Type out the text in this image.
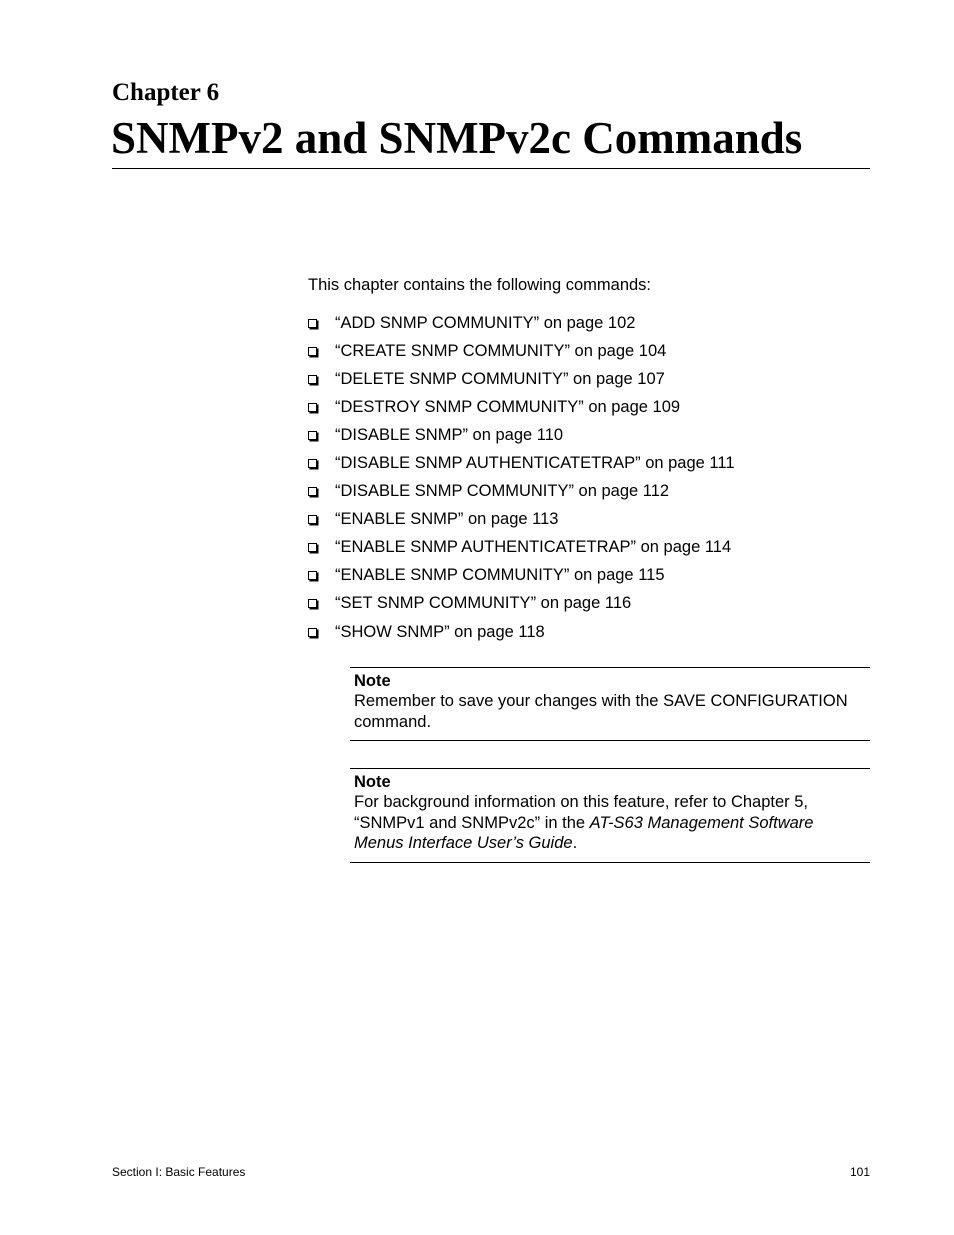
Chapter 6
SNMPv2 and SNMPv2c Commands
This chapter contains the following commands:
“ADD SNMP COMMUNITY” on page 102
“CREATE SNMP COMMUNITY” on page 104
“DELETE SNMP COMMUNITY” on page 107
“DESTROY SNMP COMMUNITY” on page 109
“DISABLE SNMP” on page 110
“DISABLE SNMP AUTHENTICATETRAP” on page 111
“DISABLE SNMP COMMUNITY” on page 112
“ENABLE SNMP” on page 113
“ENABLE SNMP AUTHENTICATETRAP” on page 114
“ENABLE SNMP COMMUNITY” on page 115
“SET SNMP COMMUNITY” on page 116
“SHOW SNMP” on page 118
Note
Remember to save your changes with the SAVE CONFIGURATION
command.
Note
For background information on this feature, refer to Chapter 5,
“SNMPv1 and SNMPv2c” in the AT-S63 Management Software
Menus Interface User’s Guide.
Section I: Basic Features	101
